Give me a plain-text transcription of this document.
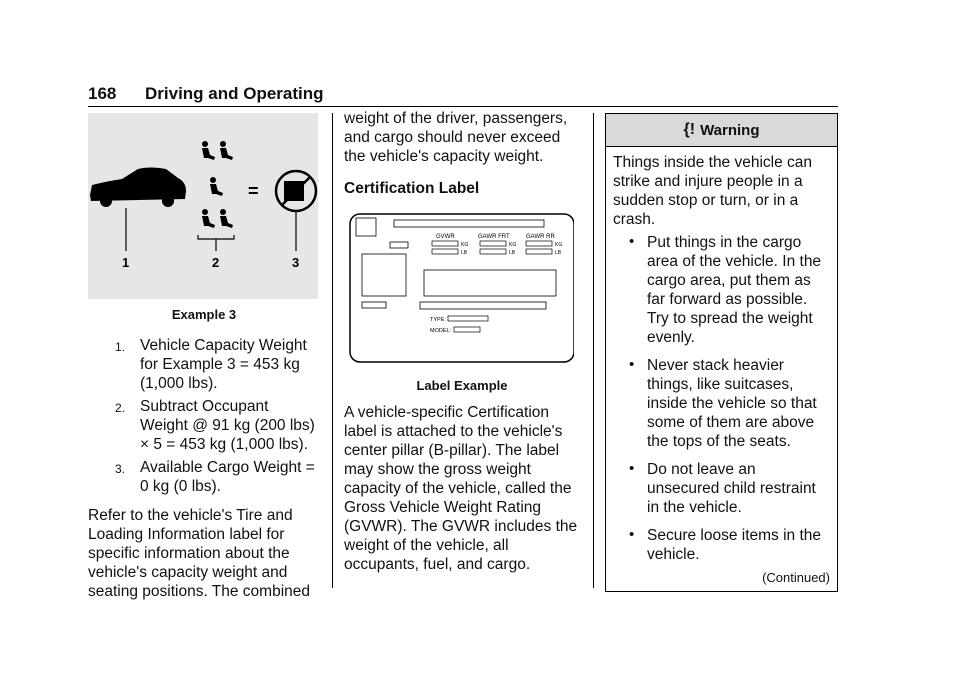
168 Driving and Operating
–	=
1	2	3
Example 3
1. Vehicle Capacity Weight for Example 3 = 453 kg (1,000 lbs).
2. Subtract Occupant Weight @ 91 kg (200 lbs) × 5 = 453 kg (1,000 lbs).
3. Available Cargo Weight = 0 kg (0 lbs).
Refer to the vehicle's Tire and Loading Information label for specific information about the vehicle's capacity weight and seating positions. The combined
weight of the driver, passengers, and cargo should never exceed the vehicle's capacity weight.
Certification Label
GVWR	GAWR FRT	GAWR RR
KG
LB
KG
LB
KG
LB
TYPE:
MODEL:
Label Example
A vehicle-specific Certification label is attached to the vehicle's center pillar (B-pillar). The label may show the gross weight capacity of the vehicle, called the Gross Vehicle Weight Rating (GVWR). The GVWR includes the weight of the vehicle, all occupants, fuel, and cargo.
{! Warning
Things inside the vehicle can strike and injure people in a sudden stop or turn, or in a crash.
• Put things in the cargo area of the vehicle. In the cargo area, put them as far forward as possible. Try to spread the weight evenly.
• Never stack heavier things, like suitcases, inside the vehicle so that some of them are above the tops of the seats.
• Do not leave an unsecured child restraint in the vehicle.
• Secure loose items in the vehicle.
(Continued)
